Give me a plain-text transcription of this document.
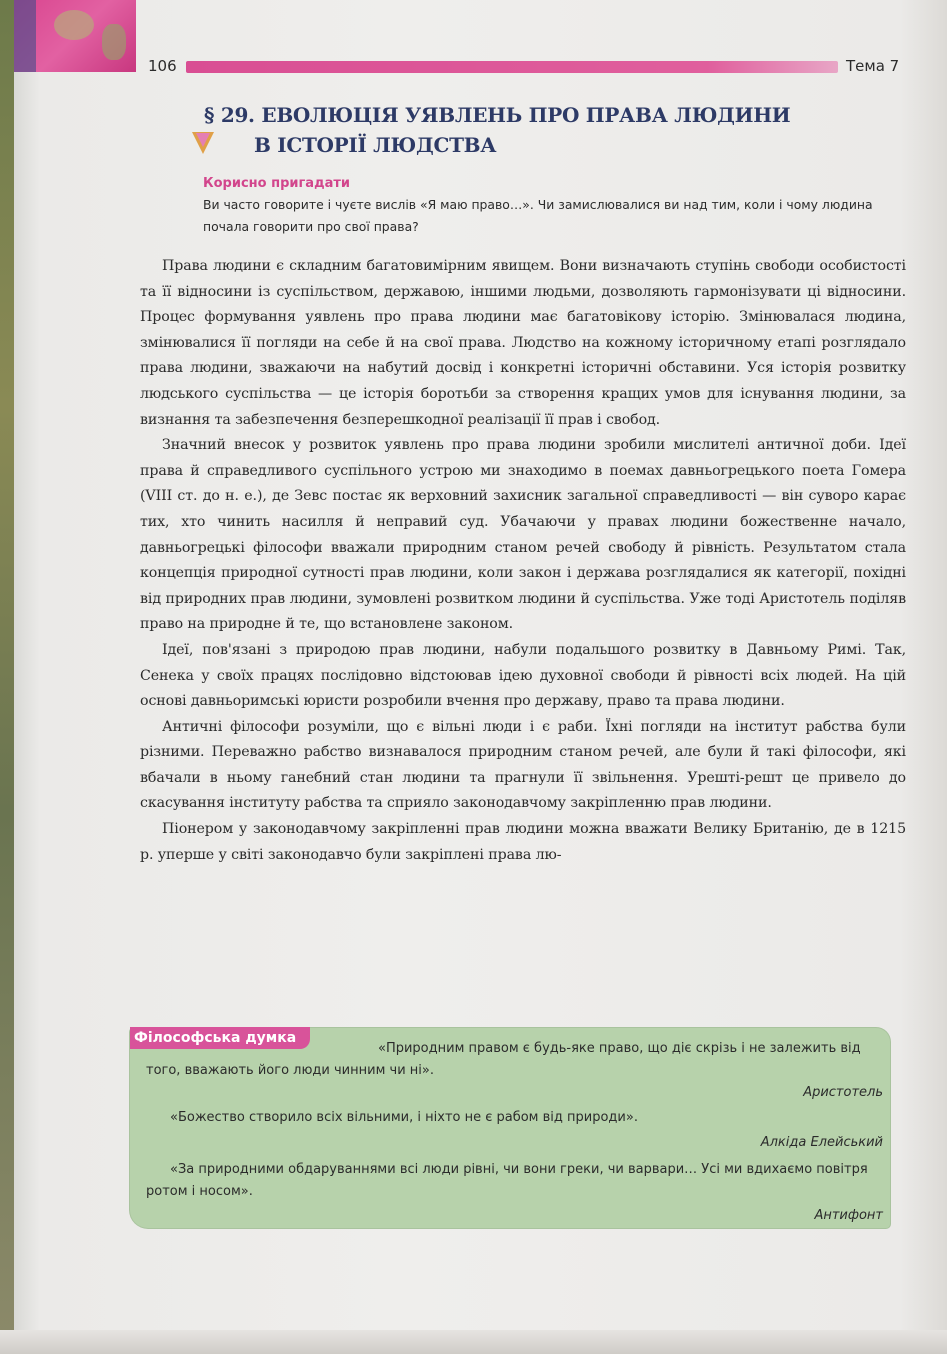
106	Тема 7
§ 29. ЕВОЛЮЦІЯ УЯВЛЕНЬ ПРО ПРАВА ЛЮДИНИ
В ІСТОРІЇ ЛЮДСТВА
Корисно пригадати
Ви часто говорите і чуєте вислів «Я маю право…». Чи замислювалися ви над тим, коли і чому людина почала говорити про свої права?

Права людини є складним багатовимірним явищем. Вони визначають ступінь свободи особистості та її відносини із суспільством, державою, іншими людьми, дозволяють гармонізувати ці відносини. Процес формування уявлень про права людини має багатовікову історію. Змінювалася людина, змінювалися її погляди на себе й на свої права. Людство на кожному історичному етапі розглядало права людини, зважаючи на набутий досвід і конкретні історичні обставини. Уся історія розвитку людського суспільства — це історія боротьби за створення кращих умов для існування людини, за визнання та забезпечення безперешкодної реалізації її прав і свобод.

Значний внесок у розвиток уявлень про права людини зробили мислителі античної доби. Ідеї права й справедливого суспільного устрою ми знаходимо в поемах давньогрецького поета Гомера (VIII ст. до н. е.), де Зевс постає як верховний захисник загальної справедливості — він суворо карає тих, хто чинить насилля й неправий суд. Убачаючи у правах людини божественне начало, давньогрецькі філософи вважали природним станом речей свободу й рівність. Результатом стала концепція природної сутності прав людини, коли закон і держава розглядалися як категорії, похідні від природних прав людини, зумовлені розвитком людини й суспільства. Уже тоді Аристотель поділяв право на природне й те, що встановлене законом.

Ідеї, пов'язані з природою прав людини, набули подальшого розвитку в Давньому Римі. Так, Сенека у своїх працях послідовно відстоював ідею духовної свободи й рівності всіх людей. На цій основі давньоримські юристи розробили вчення про державу, право та права людини.

Античні філософи розуміли, що є вільні люди і є раби. Їхні погляди на інститут рабства були різними. Переважно рабство визнавалося природним станом речей, але були й такі філософи, які вбачали в ньому ганебний стан людини та прагнули її звільнення. Урешті-решт це привело до скасування інституту рабства та сприяло законодавчому закріпленню прав людини.

Піонером у законодавчому закріпленні прав людини можна вважати Велику Британію, де в 1215 р. уперше у світі законодавчо були закріплені права лю-

Філософська думка
«Природним правом є будь-яке право, що діє скрізь і не залежить від того, вважають його люди чинним чи ні».
Аристотель
«Божество створило всіх вільними, і ніхто не є рабом від природи».
Алкіда Елейський
«За природними обдаруваннями всі люди рівні, чи вони греки, чи варвари… Усі ми вдихаємо повітря ротом і носом».
Антифонт
